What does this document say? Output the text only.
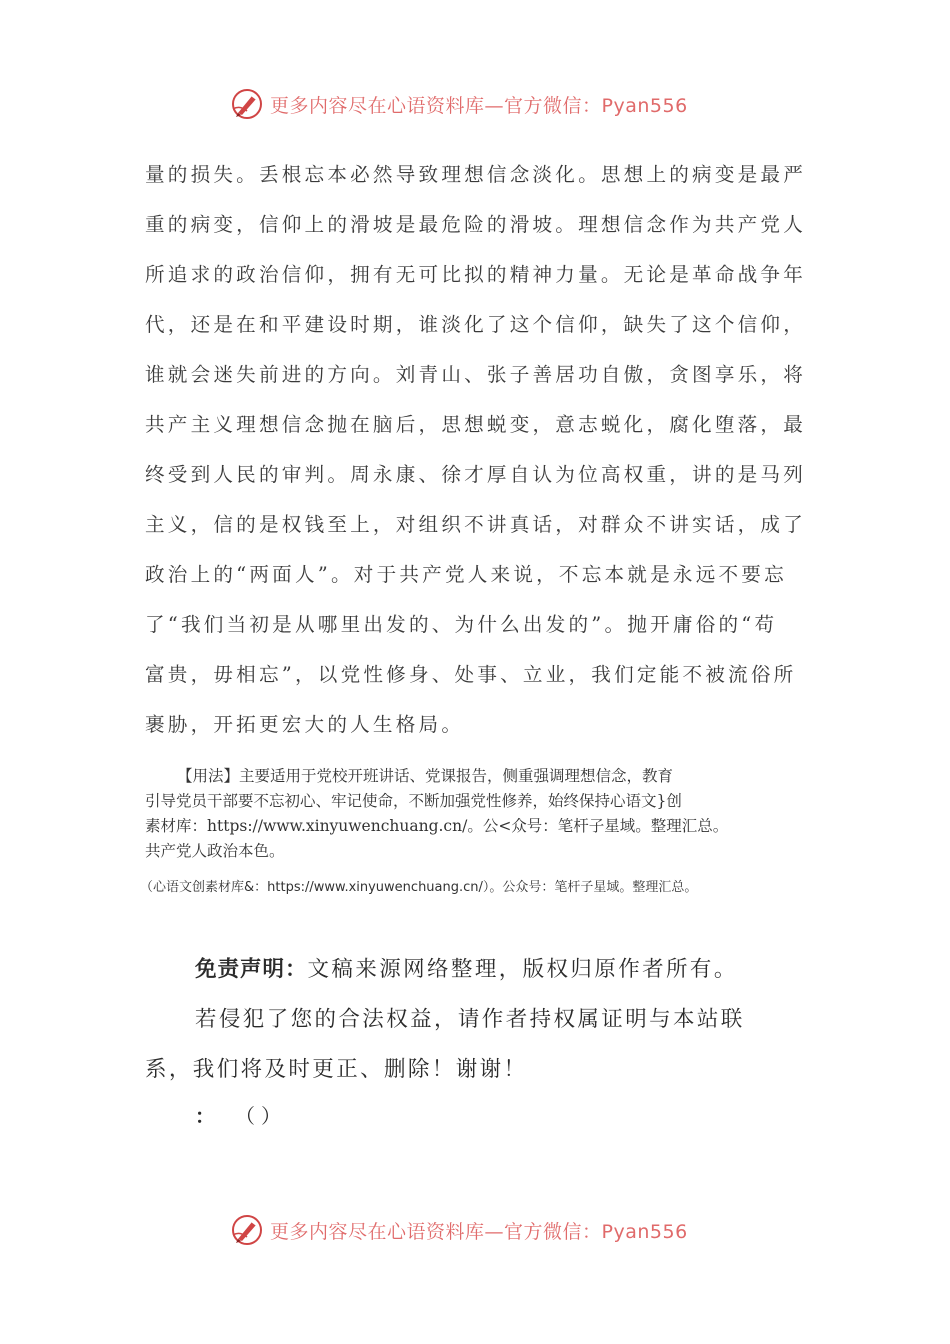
更多内容尽在心语资料库—官方微信：Pyan556
量的损失。丢根忘本必然导致理想信念淡化。思想上的病变是最严
重的病变，信仰上的滑坡是最危险的滑坡。理想信念作为共产党人
所追求的政治信仰，拥有无可比拟的精神力量。无论是革命战争年
代，还是在和平建设时期，谁淡化了这个信仰，缺失了这个信仰，
谁就会迷失前进的方向。刘青山、张子善居功自傲，贪图享乐，将
共产主义理想信念抛在脑后，思想蜕变，意志蜕化，腐化堕落，最
终受到人民的审判。周永康、徐才厚自认为位高权重，讲的是马列
主义，信的是权钱至上，对组织不讲真话，对群众不讲实话，成了
政治上的“两面人”。对于共产党人来说，不忘本就是永远不要忘
了“我们当初是从哪里出发的、为什么出发的”。抛开庸俗的“苟
富贵，毋相忘”，以党性修身、处事、立业，我们定能不被流俗所
裹胁，开拓更宏大的人生格局。
【用法】主要适用于党校开班讲话、党课报告，侧重强调理想信念，教育
引导党员干部要不忘初心、牢记使命，不断加强党性修养，始终保持心语文}创
素材库：https://www.xinyuwenchuang.cn/。公<众号：笔杆子星域。整理汇总。
共产党人政治本色。
（心语文创素材库&：https://www.xinyuwenchuang.cn/）。公众号：笔杆子星域。整理汇总。
免责声明：文稿来源网络整理，版权归原作者所有。
若侵犯了您的合法权益，请作者持权属证明与本站联
系，我们将及时更正、删除！谢谢！
： （）
更多内容尽在心语资料库—官方微信：Pyan556
